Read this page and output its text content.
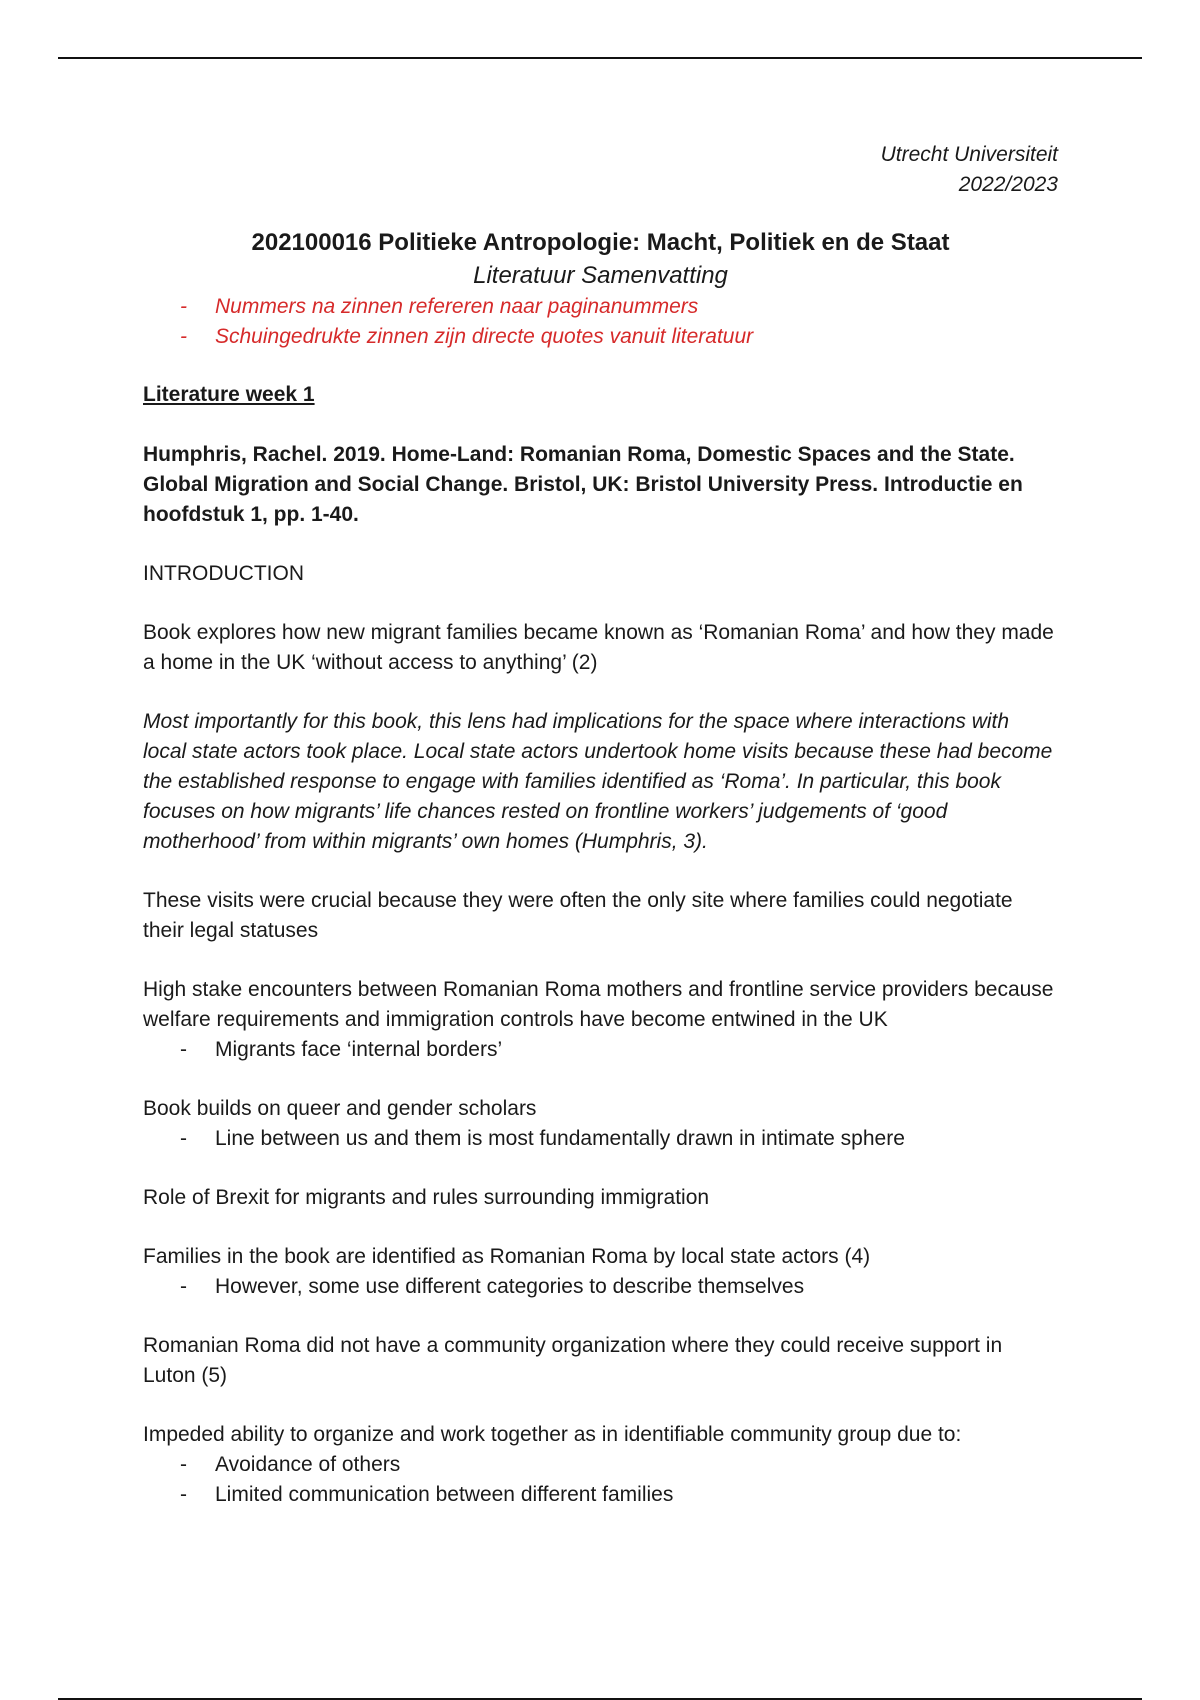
Utrecht Universiteit
2022/2023
202100016 Politieke Antropologie: Macht, Politiek en de Staat
Literatuur Samenvatting
- Nummers na zinnen refereren naar paginanummers
- Schuingedrukte zinnen zijn directe quotes vanuit literatuur
Literature week 1
Humphris, Rachel. 2019. Home-Land: Romanian Roma, Domestic Spaces and the State. Global Migration and Social Change. Bristol, UK: Bristol University Press. Introductie en hoofdstuk 1, pp. 1-40.
INTRODUCTION
Book explores how new migrant families became known as ‘Romanian Roma’ and how they made a home in the UK ‘without access to anything’ (2)
Most importantly for this book, this lens had implications for the space where interactions with local state actors took place. Local state actors undertook home visits because these had become the established response to engage with families identified as ‘Roma’. In particular, this book focuses on how migrants’ life chances rested on frontline workers’ judgements of ‘good motherhood’ from within migrants’ own homes (Humphris, 3).
These visits were crucial because they were often the only site where families could negotiate their legal statuses
High stake encounters between Romanian Roma mothers and frontline service providers because welfare requirements and immigration controls have become entwined in the UK
- Migrants face ‘internal borders’
Book builds on queer and gender scholars
- Line between us and them is most fundamentally drawn in intimate sphere
Role of Brexit for migrants and rules surrounding immigration
Families in the book are identified as Romanian Roma by local state actors (4)
- However, some use different categories to describe themselves
Romanian Roma did not have a community organization where they could receive support in Luton (5)
Impeded ability to organize and work together as in identifiable community group due to:
- Avoidance of others
- Limited communication between different families
